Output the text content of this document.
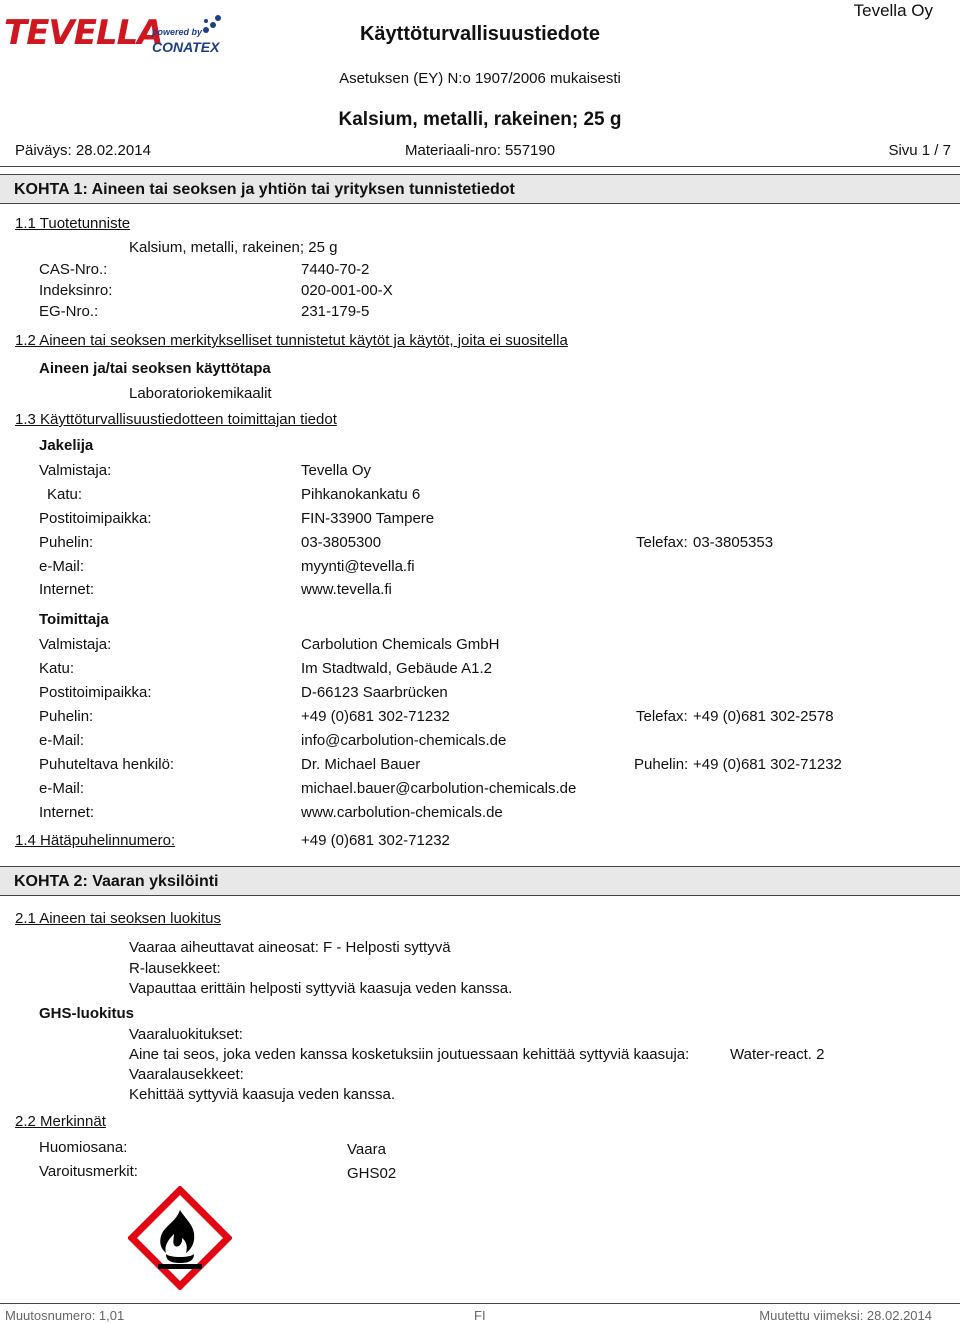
TEVELLA
powered by
CONATEX
Käyttöturvallisuustiedote
Tevella Oy
Asetuksen (EY) N:o 1907/2006 mukaisesti
Kalsium, metalli, rakeinen; 25 g
Päiväys: 28.02.2014	Materiaali-nro: 557190	Sivu 1 / 7
KOHTA 1: Aineen tai seoksen ja yhtiön tai yrityksen tunnistetiedot
1.1 Tuotetunniste
Kalsium, metalli, rakeinen; 25 g
CAS-Nro.:	7440-70-2
Indeksinro:	020-001-00-X
EG-Nro.:	231-179-5
1.2 Aineen tai seoksen merkitykselliset tunnistetut käytöt ja käytöt, joita ei suositella
Aineen ja/tai seoksen käyttötapa
Laboratoriokemikaalit
1.3 Käyttöturvallisuustiedotteen toimittajan tiedot
Jakelija
Valmistaja:	Tevella Oy
Katu:	Pihkanokankatu 6
Postitoimipaikka:	FIN-33900 Tampere
Puhelin:	03-3805300	Telefax: 03-3805353
e-Mail:	myynti@tevella.fi
Internet:	www.tevella.fi
Toimittaja
Valmistaja:	Carbolution Chemicals GmbH
Katu:	Im Stadtwald, Gebäude A1.2
Postitoimipaikka:	D-66123 Saarbrücken
Puhelin:	+49 (0)681 302-71232	Telefax: +49 (0)681 302-2578
e-Mail:	info@carbolution-chemicals.de
Puhuteltava henkilö:	Dr. Michael Bauer	Puhelin: +49 (0)681 302-71232
e-Mail:	michael.bauer@carbolution-chemicals.de
Internet:	www.carbolution-chemicals.de
1.4 Hätäpuhelinnumero:	+49 (0)681 302-71232
KOHTA 2: Vaaran yksilöinti
2.1 Aineen tai seoksen luokitus
Vaaraa aiheuttavat aineosat: F - Helposti syttyvä
R-lausekkeet:
Vapauttaa erittäin helposti syttyviä kaasuja veden kanssa.
GHS-luokitus
Vaaraluokitukset:
Aine tai seos, joka veden kanssa kosketuksiin joutuessaan kehittää syttyviä kaasuja:	Water-react. 2
Vaaralausekkeet:
Kehittää syttyviä kaasuja veden kanssa.
2.2 Merkinnät
Huomiosana:	Vaara
Varoitusmerkit:	GHS02
Muutosnumero: 1,01	FI	Muutettu viimeksi: 28.02.2014
